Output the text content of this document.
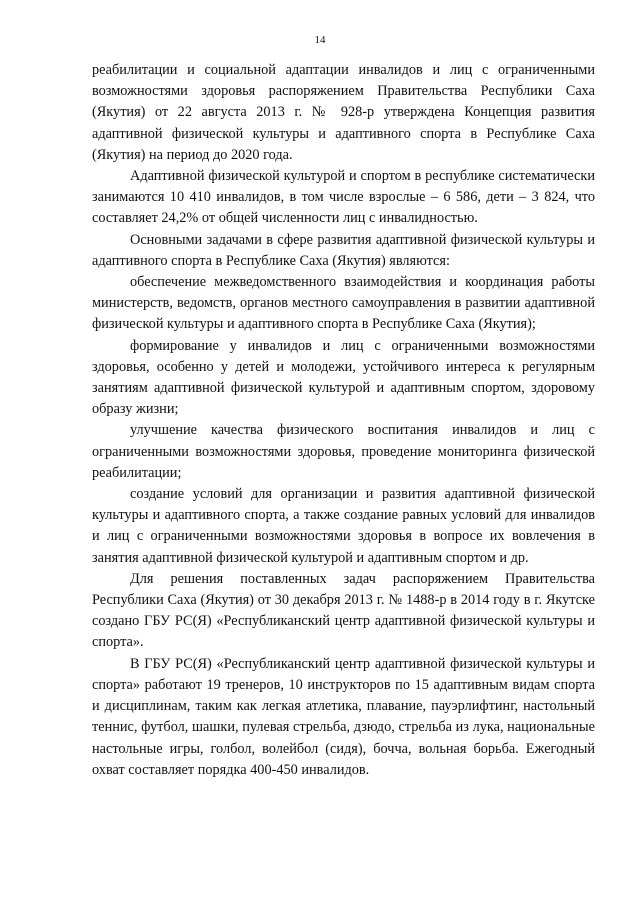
14

реабилитации и социальной адаптации инвалидов и лиц с ограниченными возможностями здоровья распоряжением Правительства Республики Саха (Якутия) от 22 августа 2013 г. № 928-р утверждена Концепция развития адаптивной физической культуры и адаптивного спорта в Республике Саха (Якутия) на период до 2020 года.

Адаптивной физической культурой и спортом в республике систематически занимаются 10 410 инвалидов, в том числе взрослые – 6 586, дети – 3 824, что составляет 24,2% от общей численности лиц с инвалидностью.

Основными задачами в сфере развития адаптивной физической культуры и адаптивного спорта в Республике Саха (Якутия) являются:

обеспечение межведомственного взаимодействия и координация работы министерств, ведомств, органов местного самоуправления в развитии адаптивной физической культуры и адаптивного спорта в Республике Саха (Якутия);

формирование у инвалидов и лиц с ограниченными возможностями здоровья, особенно у детей и молодежи, устойчивого интереса к регулярным занятиям адаптивной физической культурой и адаптивным спортом, здоровому образу жизни;

улучшение качества физического воспитания инвалидов и лиц с ограниченными возможностями здоровья, проведение мониторинга физической реабилитации;

создание условий для организации и развития адаптивной физической культуры и адаптивного спорта, а также создание равных условий для инвалидов и лиц с ограниченными возможностями здоровья в вопросе их вовлечения в занятия адаптивной физической культурой и адаптивным спортом и др.

Для решения поставленных задач распоряжением Правительства Республики Саха (Якутия) от 30 декабря 2013 г. № 1488-р в 2014 году в г. Якутске создано ГБУ РС(Я) «Республиканский центр адаптивной физической культуры и спорта».

В ГБУ РС(Я) «Республиканский центр адаптивной физической культуры и спорта» работают 19 тренеров, 10 инструкторов по 15 адаптивным видам спорта и дисциплинам, таким как легкая атлетика, плавание, пауэрлифтинг, настольный теннис, футбол, шашки, пулевая стрельба, дзюдо, стрельба из лука, национальные настольные игры, голбол, волейбол (сидя), бочча, вольная борьба. Ежегодный охват составляет порядка 400-450 инвалидов.
